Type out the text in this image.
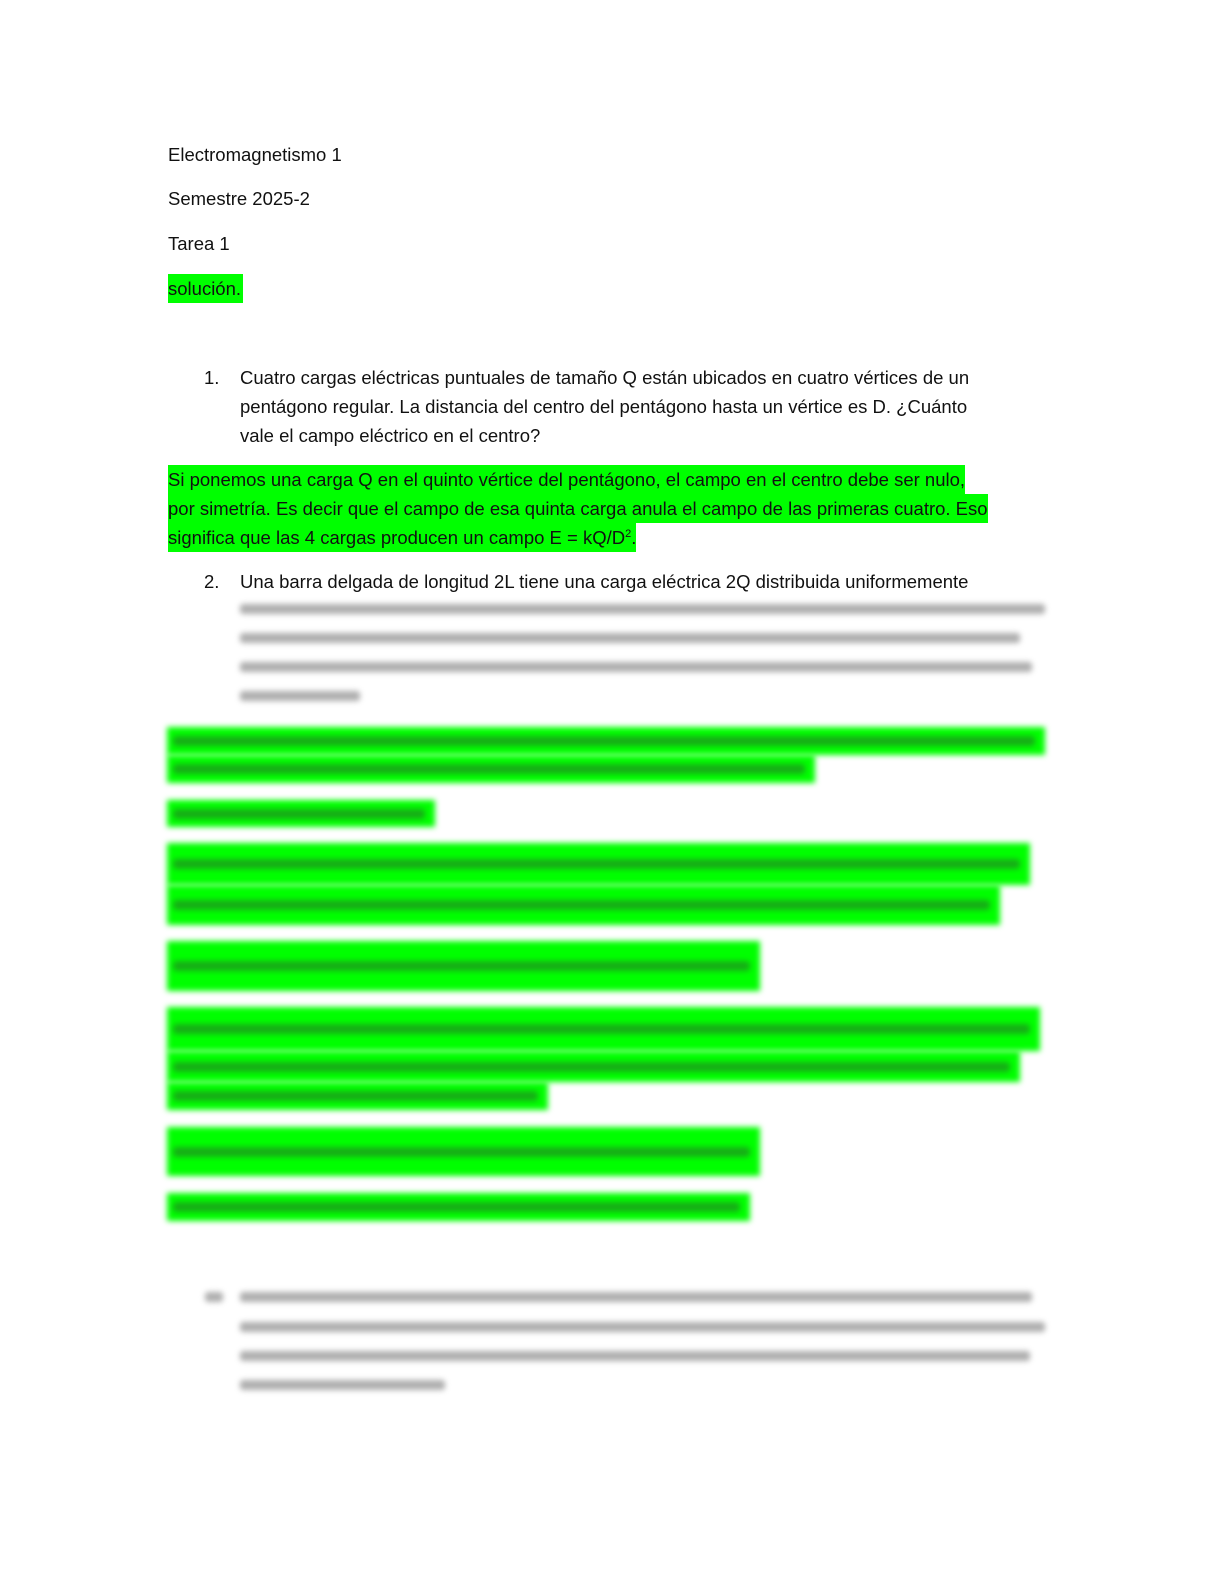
Electromagnetismo 1
Semestre 2025-2
Tarea 1
solución.
1. Cuatro cargas eléctricas puntuales de tamaño Q están ubicados en cuatro vértices de un
pentágono regular. La distancia del centro del pentágono hasta un vértice es D. ¿Cuánto
vale el campo eléctrico en el centro?
Si ponemos una carga Q en el quinto vértice del pentágono, el campo en el centro debe ser nulo,
por simetría. Es decir que el campo de esa quinta carga anula el campo de las primeras cuatro. Eso
significa que las 4 cargas producen un campo $E = kQ/D^2$.
2. Una barra delgada de longitud 2L tiene una carga eléctrica 2Q distribuida uniformemente
